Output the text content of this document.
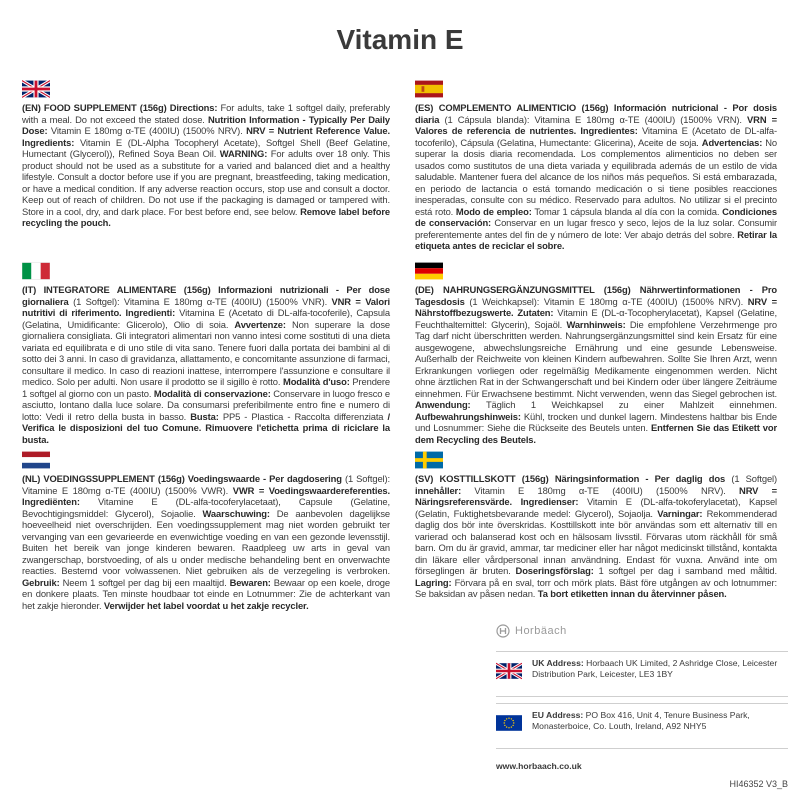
Vitamin E

(EN) FOOD SUPPLEMENT (156g) Directions: For adults, take 1 softgel daily, preferably with a meal. Do not exceed the stated dose. Nutrition Information - Typically Per Daily Dose: Vitamin E 180mg α-TE (400IU) (1500% NRV). NRV = Nutrient Reference Value. Ingredients: Vitamin E (DL-Alpha Tocopheryl Acetate), Softgel Shell (Beef Gelatine, Humectant (Glycerol)), Refined Soya Bean Oil. WARNING: For adults over 18 only. This product should not be used as a substitute for a varied and balanced diet and a healthy lifestyle. Consult a doctor before use if you are pregnant, breastfeeding, taking medication, or have a medical condition. If any adverse reaction occurs, stop use and consult a doctor. Keep out of reach of children. Do not use if the packaging is damaged or tampered with. Store in a cool, dry, and dark place. For best before end, see below. Remove label before recycling the pouch.

(ES) COMPLEMENTO ALIMENTICIO (156g) Información nutricional - Por dosis diaria (1 Cápsula blanda): Vitamina E 180mg α-TE (400IU) (1500% VRN). VRN = Valores de referencia de nutrientes. Ingredientes: Vitamina E (Acetato de DL-alfa-tocoferilo), Cápsula (Gelatina, Humectante: Glicerina), Aceite de soja. Advertencias: No superar la dosis diaria recomendada. Los complementos alimenticios no deben ser usados como sustitutos de una dieta variada y equilibrada además de un estilo de vida saludable. Mantener fuera del alcance de los niños más pequeños. Si está embarazada, en periodo de lactancia o está tomando medicación o si tiene posibles reacciones inesperadas, consulte con su médico. Reservado para adultos. No utilizar si el precinto está roto. Modo de empleo: Tomar 1 cápsula blanda al día con la comida. Condiciones de conservación: Conservar en un lugar fresco y seco, lejos de la luz solar. Consumir preferentemente antes del fin de y número de lote: Ver abajo detrás del sobre. Retirar la etiqueta antes de reciclar el sobre.

(IT) INTEGRATORE ALIMENTARE (156g) Informazioni nutrizionali - Per dose giornaliera (1 Softgel): Vitamina E 180mg α-TE (400IU) (1500% VNR). VNR = Valori nutritivi di riferimento. Ingredienti: Vitamina E (Acetato di DL-alfa-tocoferile), Capsula (Gelatina, Umidificante: Glicerolo), Olio di soia. Avvertenze: Non superare la dose giornaliera consigliata. Gli integratori alimentari non vanno intesi come sostituti di una dieta variata ed equilibrata e di uno stile di vita sano. Tenere fuori dalla portata dei bambini al di sotto dei 3 anni. In caso di gravidanza, allattamento, e concomitante assunzione di farmaci, consultare il medico. In caso di reazioni inattese, interrompere l'assunzione e consultare il medico. Solo per adulti. Non usare il prodotto se il sigillo è rotto. Modalità d'uso: Prendere 1 softgel al giorno con un pasto. Modalità di conservazione: Conservare in luogo fresco e asciutto, lontano dalla luce solare. Da consumarsi preferibilmente entro fine e numero di lotto: Vedi il retro della busta in basso. Busta: PP5 - Plastica - Raccolta differenziata / Verifica le disposizioni del tuo Comune. Rimuovere l'etichetta prima di riciclare la busta.

(DE) NAHRUNGSERGÄNZUNGSMITTEL (156g) Nährwertinformationen - Pro Tagesdosis (1 Weichkapsel): Vitamin E 180mg α-TE (400IU) (1500% NRV). NRV = Nährstoffbezugswerte. Zutaten: Vitamin E (DL-α-Tocopherylacetat), Kapsel (Gelatine, Feuchthaltemittel: Glycerin), Sojaöl. Warnhinweis: Die empfohlene Verzehrmenge pro Tag darf nicht überschritten werden. Nahrungsergänzungsmittel sind kein Ersatz für eine ausgewogene, abwechslungsreiche Ernährung und eine gesunde Lebensweise. Außerhalb der Reichweite von kleinen Kindern aufbewahren. Sollte Sie Ihren Arzt, wenn Erkrankungen vorliegen oder regelmäßig Medikamente eingenommen werden. Nicht ohne ärztlichen Rat in der Schwangerschaft und bei Kindern oder über längere Zeiträume einnehmen. Für Erwachsene bestimmt. Nicht verwenden, wenn das Siegel gebrochen ist. Anwendung: Täglich 1 Weichkapsel zu einer Mahlzeit einnehmen. Aufbewahrungshinweis: Kühl, trocken und dunkel lagern. Mindestens haltbar bis Ende und Losnummer: Siehe die Rückseite des Beutels unten. Entfernen Sie das Etikett vor dem Recycling des Beutels.

(NL) VOEDINGSSUPPLEMENT (156g) Voedingswaarde - Per dagdosering (1 Softgel): Vitamine E 180mg α-TE (400IU) (1500% VWR). VWR = Voedingswaardereferenties. Ingrediënten: Vitamine E (DL-alfa-tocoferylacetaat), Capsule (Gelatine, Bevochtigingsmiddel: Glycerol), Sojaolie. Waarschuwing: De aanbevolen dagelijkse hoeveelheid niet overschrijden. Een voedingssupplement mag niet worden gebruikt ter vervanging van een gevarieerde en evenwichtige voeding en van een gezonde levensstijl. Buiten het bereik van jonge kinderen bewaren. Raadpleeg uw arts in geval van zwangerschap, borstvoeding, of als u onder medische behandeling bent en onverwachte reacties. Bestemd voor volwassenen. Niet gebruiken als de verzegeling is verbroken. Gebruik: Neem 1 softgel per dag bij een maaltijd. Bewaren: Bewaar op een koele, droge en donkere plaats. Ten minste houdbaar tot einde en Lotnummer: Zie de achterkant van het zakje hieronder. Verwijder het label voordat u het zakje recycler.

(SV) KOSTTILLSKOTT (156g) Näringsinformation - Per daglig dos (1 Softgel) innehåller: Vitamin E 180mg α-TE (400IU) (1500% NRV). NRV = Näringsreferensvärde. Ingredienser: Vitamin E (DL-alfa-tokoferylacetat), Kapsel (Gelatin, Fuktighetsbevarande medel: Glycerol), Sojaolja. Varningar: Rekommenderad daglig dos bör inte överskridas. Kosttillskott inte bör användas som ett alternativ till en varierad och balanserad kost och en hälsosam livsstil. Förvaras utom räckhåll för små barn. Om du är gravid, ammar, tar mediciner eller har något medicinskt tillstånd, kontakta din läkare eller vårdpersonal innan användning. Endast för vuxna. Använd inte om förseglingen är bruten. Doseringsförslag: 1 softgel per dag i samband med måltid. Lagring: Förvara på en sval, torr och mörk plats. Bäst före utgången av och lotnummer: Se baksidan av påsen nedan. Ta bort etiketten innan du återvinner påsen.

Horbäach

UK Address: Horbaach UK Limited, 2 Ashridge Close, Leicester Distribution Park, Leicester, LE3 1BY

EU Address: PO Box 416, Unit 4, Tenure Business Park, Monasterboice, Co. Louth, Ireland, A92 NHY5

www.horbaach.co.uk
HI46352 V3_B
